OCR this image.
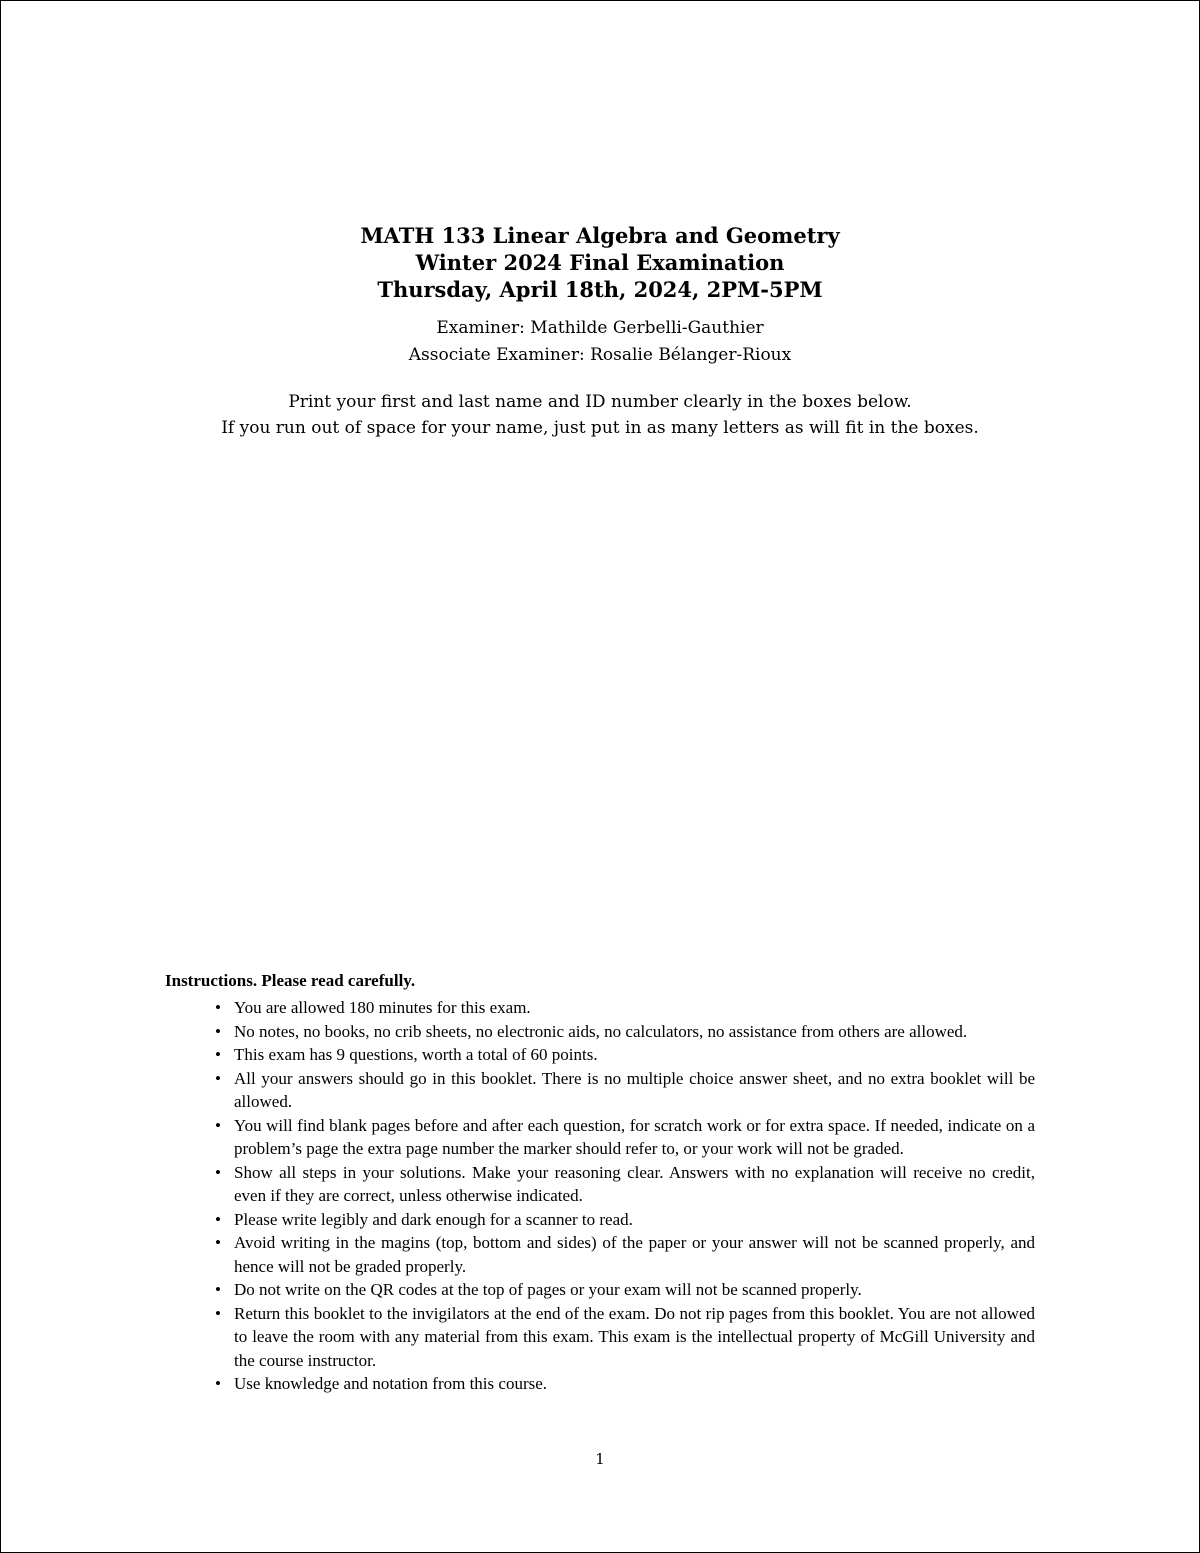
MATH 133 Linear Algebra and Geometry
Winter 2024 Final Examination
Thursday, April 18th, 2024, 2PM-5PM
Examiner: Mathilde Gerbelli-Gauthier
Associate Examiner: Rosalie Bélanger-Rioux
Print your first and last name and ID number clearly in the boxes below.
If you run out of space for your name, just put in as many letters as will fit in the boxes.
Instructions. Please read carefully.
• You are allowed 180 minutes for this exam.
• No notes, no books, no crib sheets, no electronic aids, no calculators, no assistance from others are allowed.
• This exam has 9 questions, worth a total of 60 points.
• All your answers should go in this booklet. There is no multiple choice answer sheet, and no extra booklet will be allowed.
• You will find blank pages before and after each question, for scratch work or for extra space. If needed, indicate on a problem’s page the extra page number the marker should refer to, or your work will not be graded.
• Show all steps in your solutions. Make your reasoning clear. Answers with no explanation will receive no credit, even if they are correct, unless otherwise indicated.
• Please write legibly and dark enough for a scanner to read.
• Avoid writing in the magins (top, bottom and sides) of the paper or your answer will not be scanned properly, and hence will not be graded properly.
• Do not write on the QR codes at the top of pages or your exam will not be scanned properly.
• Return this booklet to the invigilators at the end of the exam. Do not rip pages from this booklet. You are not allowed to leave the room with any material from this exam. This exam is the intellectual property of McGill University and the course instructor.
• Use knowledge and notation from this course.
1
